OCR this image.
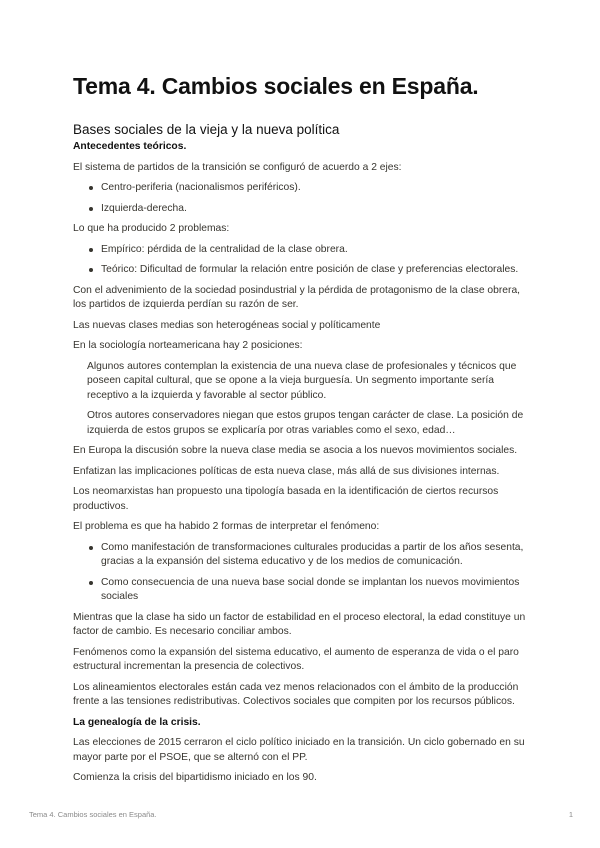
Tema 4. Cambios sociales en España.
Bases sociales de la vieja y la nueva política

Antecedentes teóricos.

El sistema de partidos de la transición se configuró de acuerdo a 2 ejes:

Centro-periferia (nacionalismos periféricos).
Izquierda-derecha.

Lo que ha producido 2 problemas:

Empírico: pérdida de la centralidad de la clase obrera.
Teórico: Dificultad de formular la relación entre posición de clase y preferencias electorales.

Con el advenimiento de la sociedad posindustrial y la pérdida de protagonismo de la clase obrera, los partidos de izquierda perdían su razón de ser.

Las nuevas clases medias son heterogéneas social y políticamente

En la sociología norteamericana hay 2 posiciones:

Algunos autores contemplan la existencia de una nueva clase de profesionales y técnicos que poseen capital cultural, que se opone a la vieja burguesía. Un segmento importante sería receptivo a la izquierda y favorable al sector público.

Otros autores conservadores niegan que estos grupos tengan carácter de clase. La posición de izquierda de estos grupos se explicaría por otras variables como el sexo, edad…

En Europa la discusión sobre la nueva clase media se asocia a los nuevos movimientos sociales.

Enfatizan las implicaciones políticas de esta nueva clase, más allá de sus divisiones internas.

Los neomarxistas han propuesto una tipología basada en la identificación de ciertos recursos productivos.

El problema es que ha habido 2 formas de interpretar el fenómeno:

Como manifestación de transformaciones culturales producidas a partir de los años sesenta, gracias a la expansión del sistema educativo y de los medios de comunicación.
Como consecuencia de una nueva base social donde se implantan los nuevos movimientos sociales

Mientras que la clase ha sido un factor de estabilidad en el proceso electoral, la edad constituye un factor de cambio. Es necesario conciliar ambos.

Fenómenos como la expansión del sistema educativo, el aumento de esperanza de vida o el paro estructural incrementan la presencia de colectivos.

Los alineamientos electorales están cada vez menos relacionados con el ámbito de la producción frente a las tensiones redistributivas. Colectivos sociales que compiten por los recursos públicos.

La genealogía de la crisis.

Las elecciones de 2015 cerraron el ciclo político iniciado en la transición. Un ciclo gobernado en su mayor parte por el PSOE, que se alternó con el PP.

Comienza la crisis del bipartidismo iniciado en los 90.

Tema 4. Cambios sociales en España.	1
